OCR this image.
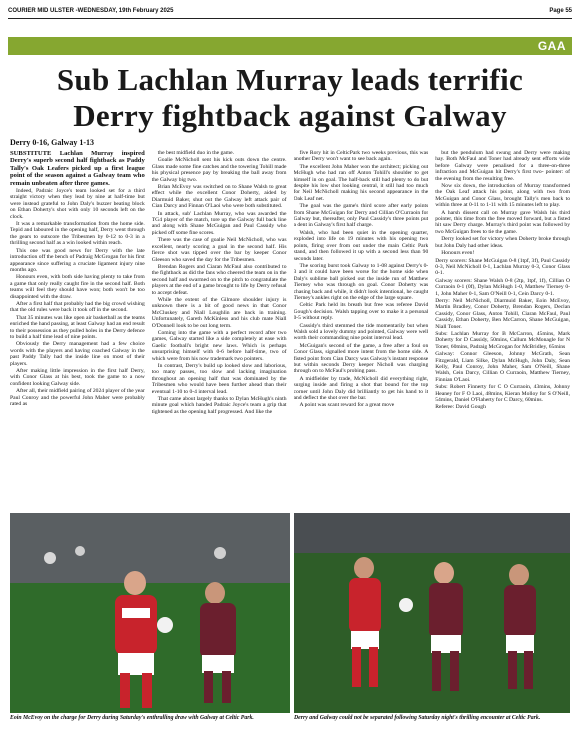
COURIER MID ULSTER -WEDNESDAY, 19th February 2025	Page 55
GAA
Sub Lachlan Murray leads terrific
Derry fightback against Galway
Derry 0-16, Galway 1-13

SUBSTITUTE Lachlan Murray inspired Derry's superb second half fightback as Paddy Tally's Oak Leafers picked up a first league point of the season against a Galway team who remain unbeaten after three games.

Indeed, Padraic Joyce's team looked set for a third straight victory when they lead by nine at half-time but were instead grateful to John Daly's buzzer beating block on Ethan Doherty's shot with only 10 seconds left on the clock.

It was a remarkable transformation from the home side. Tepid and laboured in the opening half, Derry went through the gears to outscore the Tribesmen by 0-12 to 0-3 in a thrilling second half as a win looked within reach.

This one was good news for Derry with the late introduction off the bench of Padraig McGrogan for his first appearance since suffering a cruciate ligament injury nine months ago.

Honours even, with both side having plenty to take from a game that only really caught fire in the second half. Both teams will feel they should have won; both won't be too disappointed with the draw.

After a first half that probably had the big crowd wishing that the old rules were back it took off in the second.

That 35 minutes was like open air basketball as the teams enriched the hand passing, at least Galway had an end result to their possession as they pulled holes in the Derry defence to build a half time lead of nine points.

Obviously the Derry management had a few choice words with the players and having coached Galway in the past Paddy Tally had the inside line on most of their players.

After making little impression in the first half Derry, with Conor Glass at his best, took the game to a now confident looking Galway side.

After all, their midfield pairing of 2024 player of the year Paul Conroy and the powerful John Maher were probably rated as

the best midfield duo in the game.

Goalie McNicholl sent his kick outs down the centre. Glass made some fine catches and the towering Tohill made his physical presence pay by breaking the ball away from the Galway big two.

Brian McEvoy was switched on to Shane Walsh to great effect while the excellent Conor Doherty, aided by Diarmuid Baker, shut out the Galway left attack pair of Cian Darcy and Finnan O'Laoi who were both substituted.

In attack, sub' Lachlan Murray, who was awarded the TG4 player of the match, tore up the Galway full back line and along with Shane McGuigan and Paul Cassidy who picked off some fine scores.

There was the case of goalie Neil McNicholl, who was excellent, nearly scoring a goal in the second half. His fierce shot was tipped over the bar by keeper Conor Gleeson who saved the day for the Tribesmen.

Brendan Rogers and Ciaran McFaul also contributed to the fightback as did the fans who cheered the team on in the second half and swarmed on to the pitch to congratulate the players at the end of a game brought to life by Derry refusal to accept defeat.

While the extent of the Gilmore shoulder injury is unknown there is a bit of good news in that Conor McCluskey and Niall Loughlin are back in training. Unfortunately, Gareth McKinless and his club mate Niall O'Donnell look to be out long term.

Coming into the game with a perfect record after two games, Galway started like a side completely at ease with Gaelic football's bright new laws. Which is perhaps unsurprising himself with 0-6 before half-time, two of which were from his now trademark two pointers.

In contrast, Derry's build up looked slow and laborious, too many passes, too slow and lacking imagination throughout an opening half that was dominated by the Tribesmen who would have been further ahead than their eventual 1-10 to 0-4 interval lead.

That came about largely thanks to Dylan McHugh's ninth minute goal which handed Padraic Joyce's team a grip that tightened as the opening half progressed. And like the

five Rory hit in CelticPark two weeks previous, this was another Derry won't want to see back again.

The excellent John Maher won the architect; picking out McHugh who had ran off Anton Tohill's shoulder to get himself in on goal. The half-back still had plenty to do but despite his low shot looking central, it still had too much for Neil McNicholl making his second appearance in the Oak Leaf net.

The goal was the game's third score after early points from Shane McGuigan for Derry and Cillian O'Curraoin for Galway but, thereafter, only Paul Cassidy's three points put a dent in Galway's first half charge.

Walsh, who had been quiet in the opening quarter, exploded into life on 19 minutes with his opening two points, firing over from out under the main Celtic Park stand, and then followed it up with a second less than 90 seconds later.

The scoring burst took Galway to 1-08 against Derry's 0-3 and it could have been worse for the home side when Daly's sublime ball picked out the inside run of Matthew Tierney who was through on goal. Conor Doherty was chasing back and while, it didn't look intentional, he caught Tierney's ankles right on the edge of the large square.

Celtic Park held its breath but free was referee David Gough's decision. Walsh tapping over to make it a personal 0-5 without reply.

Cassidy's third stemmed the tide momentarily but when Walsh sold a lovely dummy and pointed, Galway were well worth their commanding nine point interval lead.

McGuigan's second of the game, a free after a foul on Conor Glass, signalled more intent from the home side. A fisted point from Cian Darcy was Galway's instant response but within seconds Derry keeper Nicholl was charging through on to McFaul's probing pass.

A midfielder by trade, McNicholl did everything right, surging inside and firing a shot that bound for the top corner until John Daly did brilliantly to get his hand to it and deflect the shot over the bar.

A point was scant reward for a great move

but the pendulum had swung and Derry were making hay. Both McFaul and Toner had already sent efforts wide before Galway were penalised for a three-on-three infraction and McGuigan hit Derry's first two- pointer: of the evening from the resulting free.

Now six down, the introduction of Murray transformed the Oak Leaf attack his point, along with two from McGuigan and Conor Glass, brought Tally's men back to within three at 0-11 to 1-11 with 15 minutes left to play.

A harsh dissent call on Murray gave Walsh his third pointer, this time from the free moved forward, but a fisted hit saw Derry charge. Murray's third point was followed by two McGuigan frees to tie the game.

Derry looked set for victory when Doherty broke through but John Daly had other ideas.

Honours even!

Derry scorers: Shane McGuigan 0-8 (1tpf, 3f), Paul Cassidy 0-3, Neil McNicholl 0-1, Lachlan Murray 0-3, Conor Glass 0-1.

Galway scorers: Shane Walsh 0-8 (2tp, 1tpf, 1f), Cillian O Curraoin 0-1 (0f), Dylan McHugh 1-0, Matthew Tierney 0-1, John Maher 0-1, Sam O'Neill 0-1, Cein Darcy 0-1.

Derry: Neil McNicholl, Diarmuid Baker, Eoin McEvoy, Martin Bradley, Conor Doherty, Brendan Rogers, Declan Cassidy, Conor Glass, Anton Tohill, Ciaran McFaul, Paul Cassidy, Ethan Doherty, Ben McCarron, Shane McGuigan, Niall Toner.

Subs: Lachlan Murray for B McCarron, 45mins, Mark Doherty for D Cassidy, 50mins, Callum McMonagle for N Toner, 60mins, Padraig McGrogan for McBridley, 65mins

Galway: Connor Gleeson, Johnny McGrath, Sean Fitzgerald, Liam Silke, Dylan McHugh, John Daly, Sean Kelly, Paul Conroy, John Maher, Sam O'Neill, Shane Walsh, Cein Darcy, Cillian O Curraoin, Matthew Tierney, Finnian O'Laoi.

Subs: Robert Finnerty for C O Curraoin, 43mins, Johnny Heaney for F O Laoi, 48mins, Kieran Molloy for S O'Neill, 54mins, Daniel O'Flaherty for C Darcy, 60mins.

Referee: David Gough

Eoin McEvoy on the charge for Derry during Saturday's enthralling draw with Galway at Celtic Park.	Derry and Galway could not be separated following Saturday night's thrilling encounter at Celtic Park.
